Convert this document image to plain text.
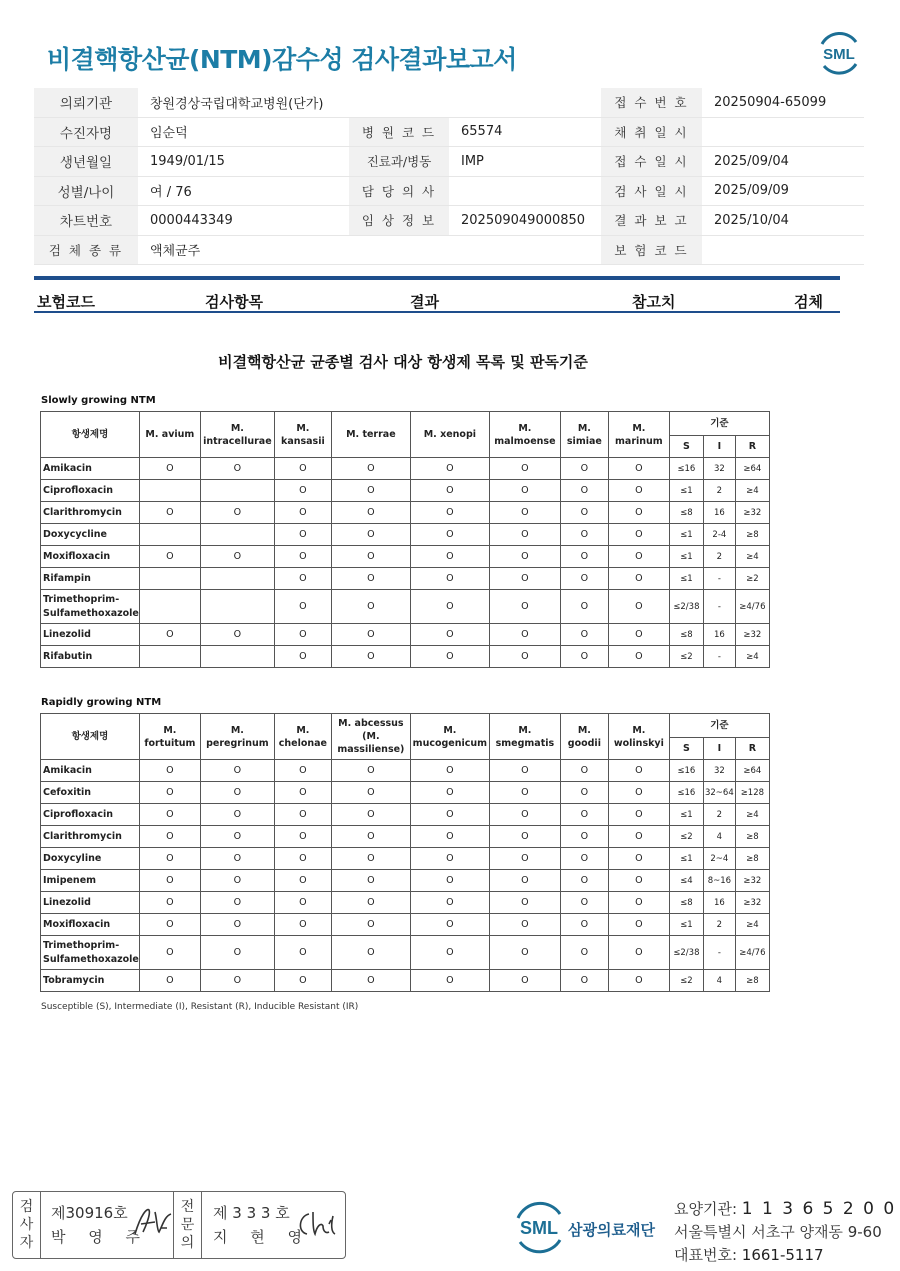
비결핵항산균(NTM)감수성 검사결과보고서	SML
의뢰기관	창원경상국립대학교병원(단가)			접 수 번 호	20250904-65099
수진자명	임순덕	병 원 코 드	65574	채 취 일 시	
생년월일	1949/01/15	진료과/병동	IMP	접 수 일 시	2025/09/04
성별/나이	여 / 76	담 당 의 사		검 사 일 시	2025/09/09
차트번호	0000443349	임 상 정 보	202509049000850	결 과 보 고	2025/10/04
검 체 종 류	액체균주			보 험 코 드	
보험코드	검사항목	결과	참고치	검체
비결핵항산균 균종별 검사 대상 항생제 목록 및 판독기준
Slowly growing NTM
항생제명	M. avium	M. intracellurae	M. kansasii	M. terrae	M. xenopi	M. malmoense	M. simiae	M. marinum	기준		
									S	I	R
Amikacin	O	O	O	O	O	O	O	O	≤16	32	≥64
Ciprofloxacin			O	O	O	O	O	O	≤1	2	≥4
Clarithromycin	O	O	O	O	O	O	O	O	≤8	16	≥32
Doxycycline			O	O	O	O	O	O	≤1	2-4	≥8
Moxifloxacin	O	O	O	O	O	O	O	O	≤1	2	≥4
Rifampin			O	O	O	O	O	O	≤1	-	≥2
Trimethoprim-
Sulfamethoxazole			O	O	O	O	O	O	≤2/38	-	≥4/76
Linezolid	O	O	O	O	O	O	O	O	≤8	16	≥32
Rifabutin			O	O	O	O	O	O	≤2	-	≥4
Rapidly growing NTM
항생제명	M. fortuitum	M. peregrinum	M. chelonae	M. abcessus
(M. massiliense)	M. mucogenicum	M. smegmatis	M. goodii	M. wolinskyi	기준		
									S	I	R
Amikacin	O	O	O	O	O	O	O	O	≤16	32	≥64
Cefoxitin	O	O	O	O	O	O	O	O	≤16	32~64	≥128
Ciprofloxacin	O	O	O	O	O	O	O	O	≤1	2	≥4
Clarithromycin	O	O	O	O	O	O	O	O	≤2	4	≥8
Doxycyline	O	O	O	O	O	O	O	O	≤1	2~4	≥8
Imipenem	O	O	O	O	O	O	O	O	≤4	8~16	≥32
Linezolid	O	O	O	O	O	O	O	O	≤8	16	≥32
Moxifloxacin	O	O	O	O	O	O	O	O	≤1	2	≥4
Trimethoprim-
Sulfamethoxazole	O	O	O	O	O	O	O	O	≤2/38	-	≥4/76
Tobramycin	O	O	O	O	O	O	O	O	≤2	4	≥8
Susceptible (S), Intermediate (I), Resistant (R), Inducible Resistant (IR)
검
사
자
제30916호
박 영 주
전
문
의
제 3 3 3 호
지 현 영	SML 삼광의료재단
요양기관: 1 1 3 6 5 2 0 0
서울특별시 서초구 양재동 9-60
대표번호: 1661-5117
